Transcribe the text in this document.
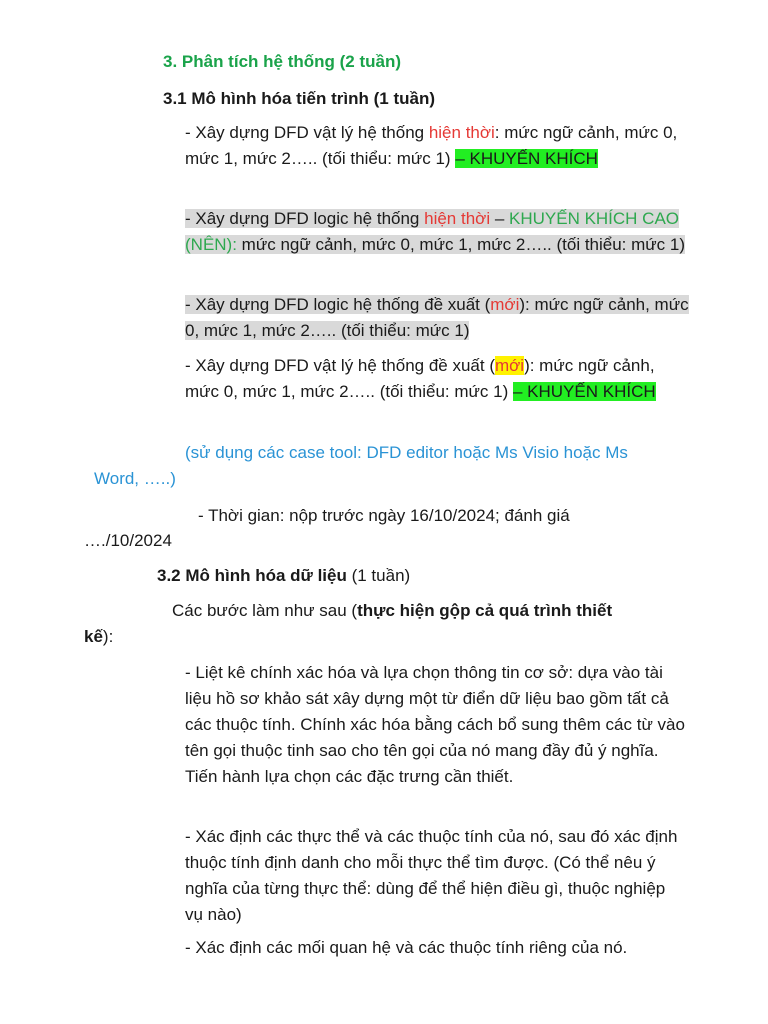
3. Phân tích hệ thống (2 tuần)
3.1 Mô hình hóa tiến trình (1 tuần)
- Xây dựng DFD vật lý hệ thống hiện thời: mức ngữ cảnh, mức 0, mức 1, mức 2….. (tối thiểu: mức 1) – KHUYẾN KHÍCH
- Xây dựng DFD logic hệ thống hiện thời – KHUYẾN KHÍCH CAO (NÊN): mức ngữ cảnh, mức 0, mức 1, mức 2….. (tối thiểu: mức 1)
- Xây dựng DFD logic hệ thống đề xuất (mới): mức ngữ cảnh, mức 0, mức 1, mức 2….. (tối thiểu: mức 1)
- Xây dựng DFD vật lý hệ thống đề xuất (mới): mức ngữ cảnh, mức 0, mức 1, mức 2….. (tối thiểu: mức 1) – KHUYẾN KHÍCH
(sử dụng các case tool: DFD editor hoặc Ms Visio hoặc Ms
Word, …..)
- Thời gian: nộp trước ngày 16/10/2024; đánh giá
…./10/2024
3.2 Mô hình hóa dữ liệu (1 tuần)
Các bước làm như sau (thực hiện gộp cả quá trình thiết
kế):
- Liệt kê chính xác hóa và lựa chọn thông tin cơ sở: dựa vào tài liệu hồ sơ khảo sát xây dựng một từ điển dữ liệu bao gồm tất cả các thuộc tính. Chính xác hóa bằng cách bổ sung thêm các từ vào tên gọi thuộc tinh sao cho tên gọi của nó mang đầy đủ ý nghĩa. Tiến hành lựa chọn các đặc trưng cần thiết.
- Xác định các thực thể và các thuộc tính của nó, sau đó xác định thuộc tính định danh cho mỗi thực thể tìm được. (Có thể nêu ý nghĩa của từng thực thể: dùng để thể hiện điều gì, thuộc nghiệp vụ nào)
- Xác định các mối quan hệ và các thuộc tính riêng của nó.
